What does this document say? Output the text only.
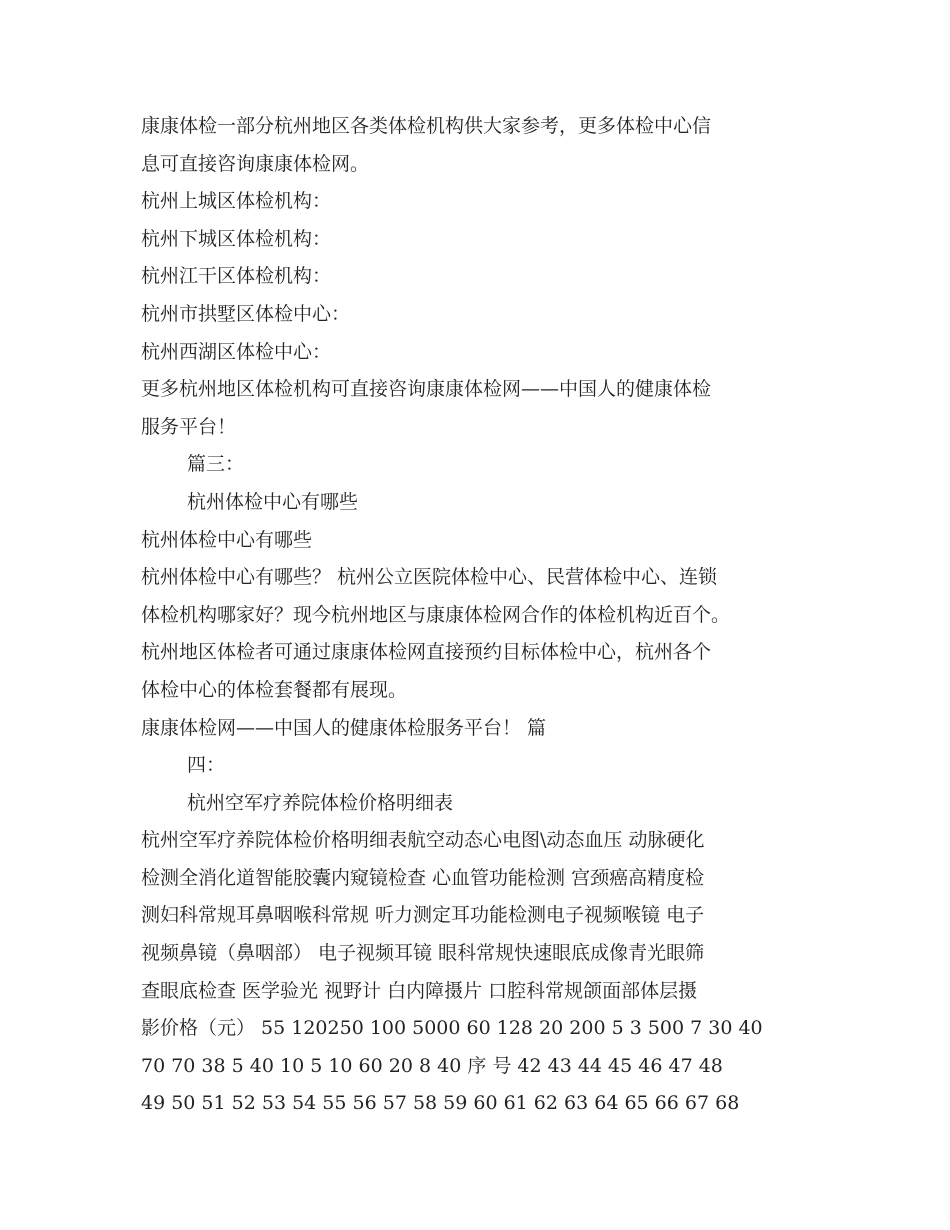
康康体检一部分杭州地区各类体检机构供大家参考，更多体检中心信
息可直接咨询康康体检网。
杭州上城区体检机构：
杭州下城区体检机构：
杭州江干区体检机构：
杭州市拱墅区体检中心：
杭州西湖区体检中心：
更多杭州地区体检机构可直接咨询康康体检网——中国人的健康体检
服务平台！
篇三：
杭州体检中心有哪些
杭州体检中心有哪些
杭州体检中心有哪些？ 杭州公立医院体检中心、民营体检中心、连锁
体检机构哪家好？现今杭州地区与康康体检网合作的体检机构近百个。
杭州地区体检者可通过康康体检网直接预约目标体检中心，杭州各个
体检中心的体检套餐都有展现。
康康体检网——中国人的健康体检服务平台！ 篇
四：
杭州空军疗养院体检价格明细表
杭州空军疗养院体检价格明细表航空动态心电图\动态血压 动脉硬化
检测全消化道智能胶囊内窥镜检查 心血管功能检测 宫颈癌高精度检
测妇科常规耳鼻咽喉科常规 听力测定耳功能检测电子视频喉镜 电子
视频鼻镜（鼻咽部） 电子视频耳镜 眼科常规快速眼底成像青光眼筛
查眼底检查 医学验光 视野计 白内障摄片 口腔科常规颌面部体层摄
影价格（元） 55 120250 100 5000 60 128 20 200 5 3 500 7 30 40
70 70 38 5 40 10 5 10 60 20 8 40 序 号 42 43 44 45 46 47 48
49 50 51 52 53 54 55 56 57 58 59 60 61 62 63 64 65 66 67 68
